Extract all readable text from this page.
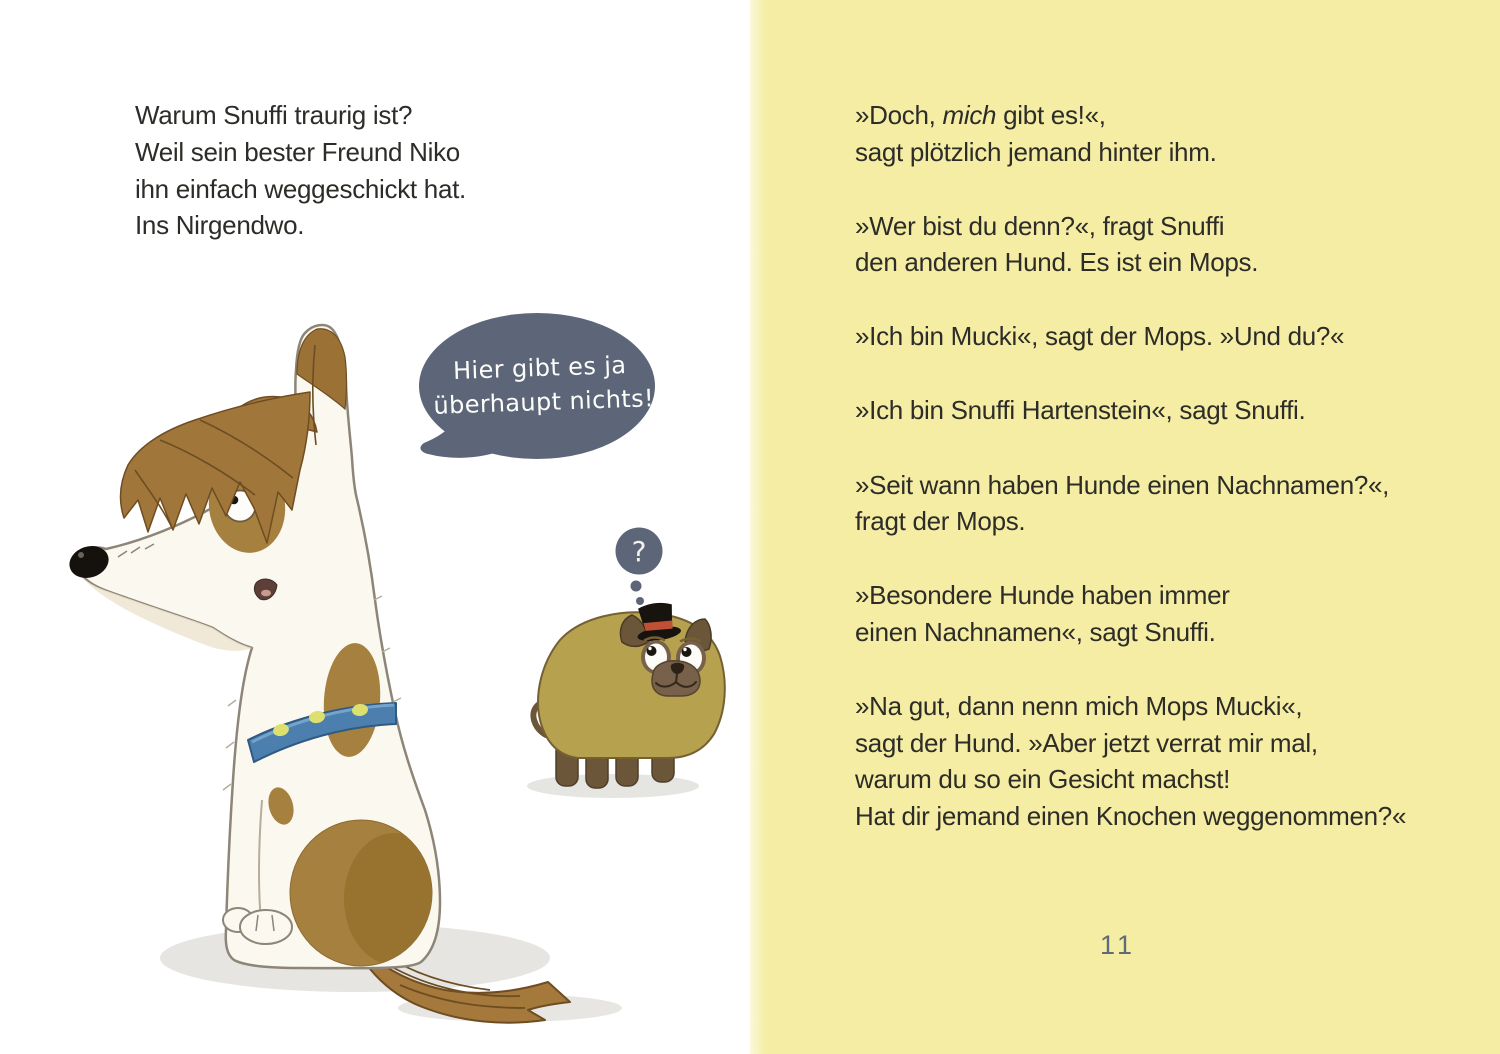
Warum Snuffi traurig ist?
Weil sein bester Freund Niko
ihn einfach weggeschickt hat.
Ins Nirgendwo.
Hier gibt es ja
überhaupt nichts!
?

»Doch, mich gibt es!«,
sagt plötzlich jemand hinter ihm.

»Wer bist du denn?«, fragt Snuffi
den anderen Hund. Es ist ein Mops.

»Ich bin Mucki«, sagt der Mops. »Und du?«

»Ich bin Snuffi Hartenstein«, sagt Snuffi.

»Seit wann haben Hunde einen Nachnamen?«,
fragt der Mops.

»Besondere Hunde haben immer
einen Nachnamen«, sagt Snuffi.

»Na gut, dann nenn mich Mops Mucki«,
sagt der Hund. »Aber jetzt verrat mir mal,
warum du so ein Gesicht machst!
Hat dir jemand einen Knochen weggenommen?«

11
